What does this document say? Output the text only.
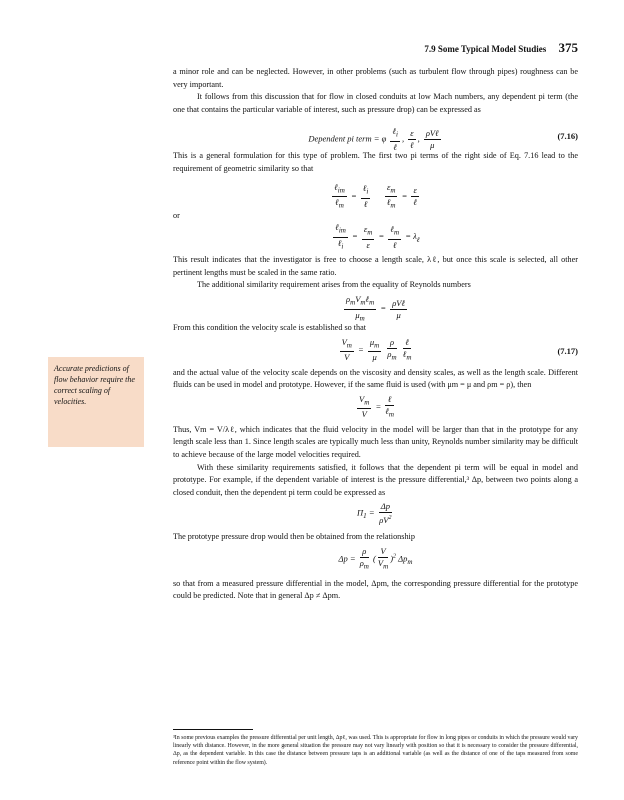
7.9 Some Typical Model Studies 375
Accurate predictions of flow behavior require the correct scaling of velocities.

a minor role and can be neglected. However, in other problems (such as turbulent flow through pipes) roughness can be very important.

It follows from this discussion that for flow in closed conduits at low Mach numbers, any dependent pi term (the one that contains the particular variable of interest, such as pressure drop) can be expressed as

Dependent pi term = φ $\frac{\ell_i}{\text{ℓ}}$ , $\frac{\varepsilon}{\text{ℓ}}$ , $\frac{\text{ρVℓ}}{\mu}$	(7.16)

This is a general formulation for this type of problem. The first two pi terms of the right side of Eq. 7.16 lead to the requirement of geometric similarity so that

$\frac{\ell_{im}}{\ell_m} = \frac{\ell_i}{\text{ℓ}}$
$\frac{\varepsilon_m}{\ell_m} = \frac{\varepsilon}{\text{ℓ}}$

or

$\frac{\ell_{im}}{\ell_i} = \frac{\varepsilon_m}{\varepsilon} = \frac{\ell_m}{\text{ℓ}} = \lambda_\ell$

This result indicates that the investigator is free to choose a length scale, λℓ, but once this scale is selected, all other pertinent lengths must be scaled in the same ratio.

The additional similarity requirement arises from the equality of Reynolds numbers

$\frac{\rho_mV_m\ell_m}{\mu_m} = \frac{\text{ρVℓ}}{\mu}$

From this condition the velocity scale is established so that

$\frac{V_m}{V} = \frac{\mu_m}{\mu}$
$\frac{\rho}{\rho_m}$
$\frac{\text{ℓ}}{\ell_m}$	(7.17)

and the actual value of the velocity scale depends on the viscosity and density scales, as well as the length scale. Different fluids can be used in model and prototype. However, if the same fluid is used (with μm = μ and ρm = ρ), then

$\frac{V_m}{V} = \frac{\text{ℓ}}{\ell_m}$

Thus, Vm = V/λℓ, which indicates that the fluid velocity in the model will be larger than that in the prototype for any length scale less than 1. Since length scales are typically much less than unity, Reynolds number similarity may be difficult to achieve because of the large model velocities required.

With these similarity requirements satisfied, it follows that the dependent pi term will be equal in model and prototype. For example, if the dependent variable of interest is the pressure differential,³ Δp, between two points along a closed conduit, then the dependent pi term could be expressed as

$\Pi_1 = \frac{\Delta p}{\rho V^2}$

The prototype pressure drop would then be obtained from the relationship

$\Delta p = \frac{\rho}{\rho_m}$ ( $\frac{V}{V_m} )^2$ $\Delta p_m$

so that from a measured pressure differential in the model, Δpm, the corresponding pressure differential for the prototype could be predicted. Note that in general Δp ≠ Δpm.

³In some previous examples the pressure differential per unit length, Δpℓ, was used. This is appropriate for flow in long pipes or conduits in which the pressure would vary linearly with distance. However, in the more general situation the pressure may not vary linearly with position so that it is necessary to consider the pressure differential, Δp, as the dependent variable. In this case the distance between pressure taps is an additional variable (as well as the distance of one of the taps measured from some reference point within the flow system).
